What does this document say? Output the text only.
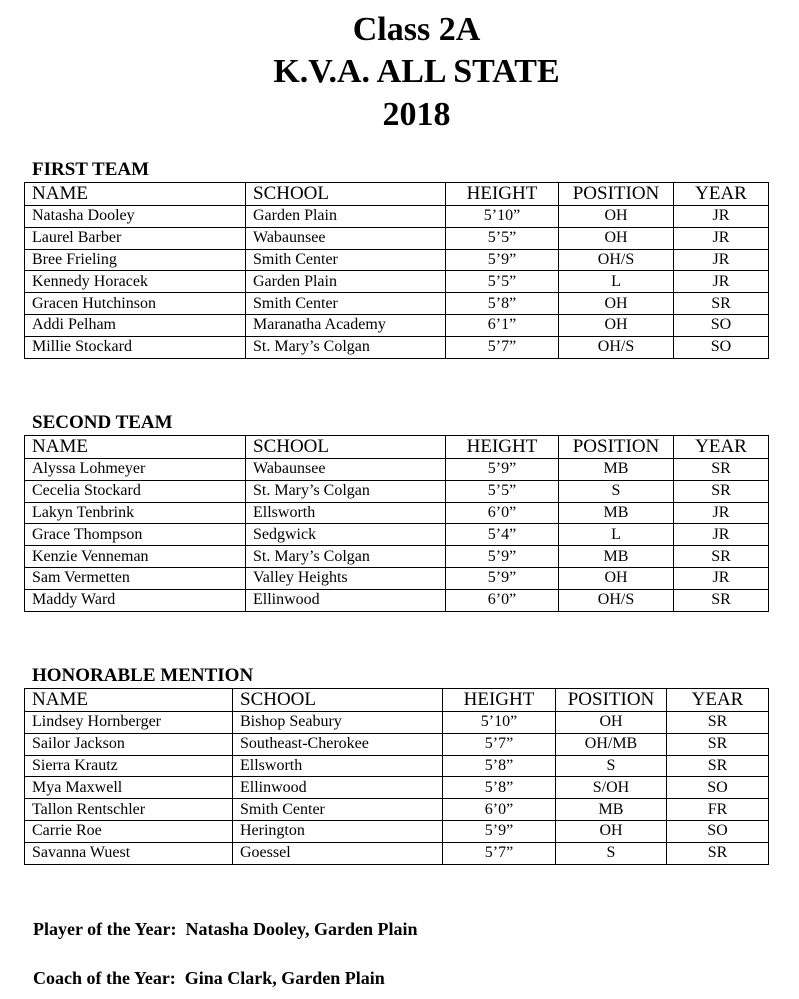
Class 2A
K.V.A. ALL STATE
2018
FIRST TEAM
NAME	SCHOOL	HEIGHT	POSITION	YEAR
Natasha Dooley	Garden Plain	5’10”	OH	JR
Laurel Barber	Wabaunsee	5’5”	OH	JR
Bree Frieling	Smith Center	5’9”	OH/S	JR
Kennedy Horacek	Garden Plain	5’5”	L	JR
Gracen Hutchinson	Smith Center	5’8”	OH	SR
Addi Pelham	Maranatha Academy	6’1”	OH	SO
Millie Stockard	St. Mary’s Colgan	5’7”	OH/S	SO
SECOND TEAM
NAME	SCHOOL	HEIGHT	POSITION	YEAR
Alyssa Lohmeyer	Wabaunsee	5’9”	MB	SR
Cecelia Stockard	St. Mary’s Colgan	5’5”	S	SR
Lakyn Tenbrink	Ellsworth	6’0”	MB	JR
Grace Thompson	Sedgwick	5’4”	L	JR
Kenzie Venneman	St. Mary’s Colgan	5’9”	MB	SR
Sam Vermetten	Valley Heights	5’9”	OH	JR
Maddy Ward	Ellinwood	6’0”	OH/S	SR
HONORABLE MENTION
NAME	SCHOOL	HEIGHT	POSITION	YEAR
Lindsey Hornberger	Bishop Seabury	5’10”	OH	SR
Sailor Jackson	Southeast-Cherokee	5’7”	OH/MB	SR
Sierra Krautz	Ellsworth	5’8”	S	SR
Mya Maxwell	Ellinwood	5’8”	S/OH	SO
Tallon Rentschler	Smith Center	6’0”	MB	FR
Carrie Roe	Herington	5’9”	OH	SO
Savanna Wuest	Goessel	5’7”	S	SR
Player of the Year: Natasha Dooley, Garden Plain
Coach of the Year: Gina Clark, Garden Plain
